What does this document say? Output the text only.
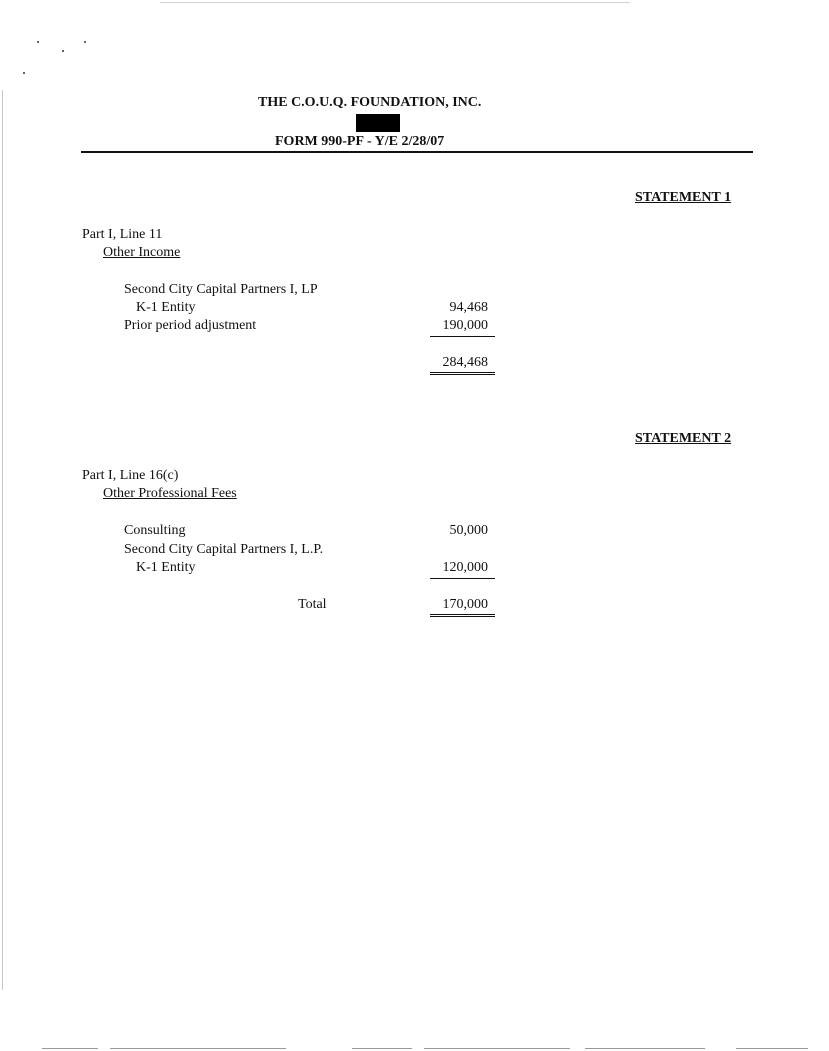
THE C.O.U.Q. FOUNDATION, INC.
FORM 990-PF - Y/E 2/28/07
STATEMENT 1
Part I, Line 11
Other Income
Second City Capital Partners I, LP
K-1 Entity	94,468
Prior period adjustment	190,000
284,468
STATEMENT 2
Part I, Line 16(c)
Other Professional Fees
Consulting	50,000
Second City Capital Partners I, L.P.
K-1 Entity	120,000
Total	170,000
